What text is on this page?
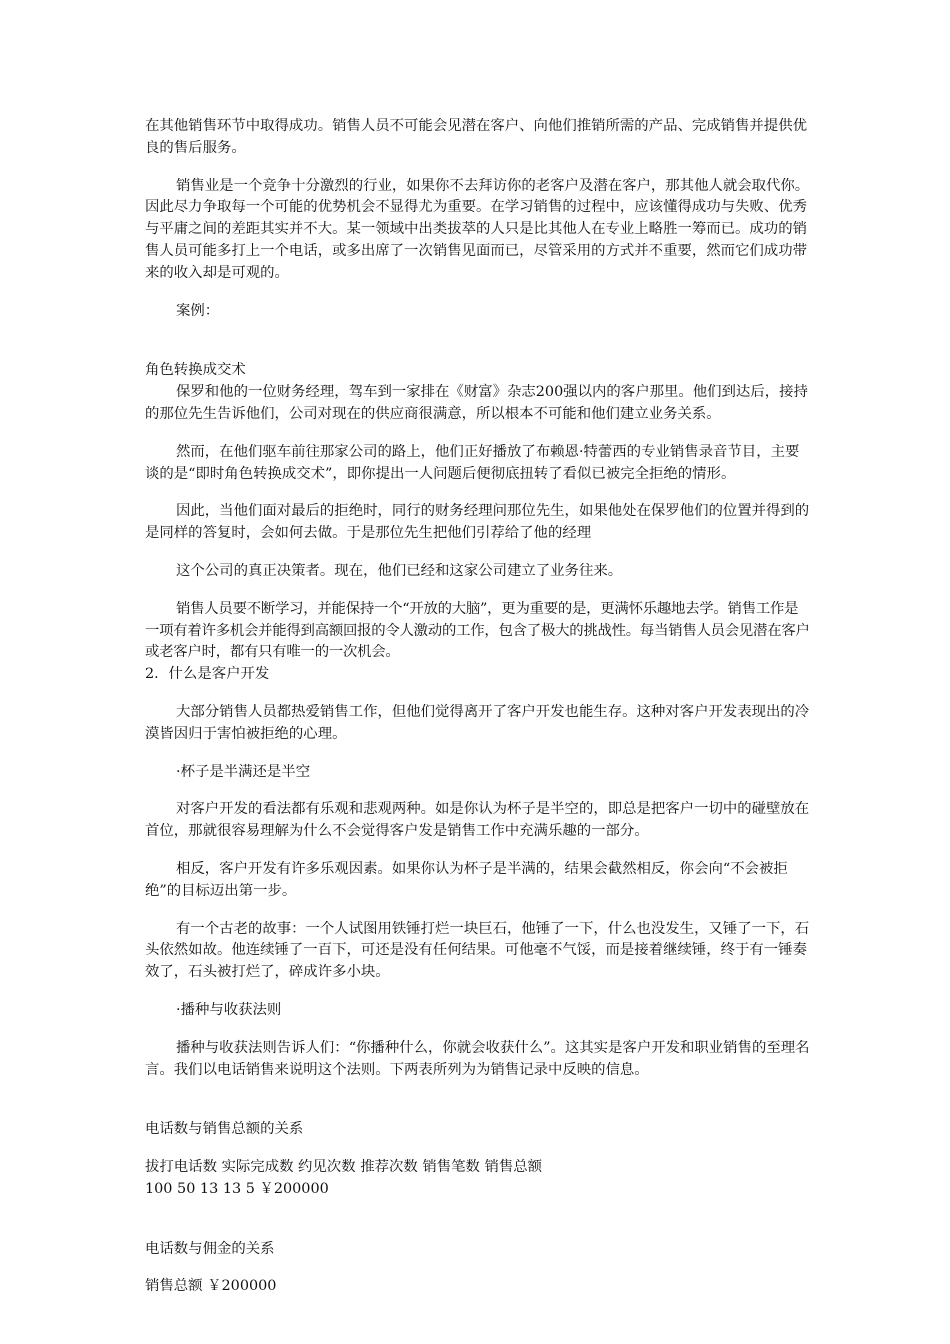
在其他销售环节中取得成功。销售人员不可能会见潜在客户、向他们推销所需的产品、完成销售并提供优良的售后服务。

销售业是一个竞争十分激烈的行业，如果你不去拜访你的老客户及潜在客户，那其他人就会取代你。因此尽力争取每一个可能的优势机会不显得尤为重要。在学习销售的过程中，应该懂得成功与失败、优秀与平庸之间的差距其实并不大。某一领域中出类拔萃的人只是比其他人在专业上略胜一筹而已。成功的销售人员可能多打上一个电话，或多出席了一次销售见面而已，尽管采用的方式并不重要，然而它们成功带来的收入却是可观的。

案例：

角色转换成交术

保罗和他的一位财务经理，驾车到一家排在《财富》杂志200强以内的客户那里。他们到达后，接持的那位先生告诉他们，公司对现在的供应商很满意，所以根本不可能和他们建立业务关系。

然而，在他们驱车前往那家公司的路上，他们正好播放了布赖恩·特蕾西的专业销售录音节目，主要谈的是“即时角色转换成交术”，即你提出一人问题后便彻底扭转了看似已被完全拒绝的情形。

因此，当他们面对最后的拒绝时，同行的财务经理问那位先生，如果他处在保罗他们的位置并得到的是同样的答复时，会如何去做。于是那位先生把他们引荐给了他的经理

这个公司的真正决策者。现在，他们已经和这家公司建立了业务往来。

销售人员要不断学习，并能保持一个“开放的大脑”，更为重要的是，更满怀乐趣地去学。销售工作是一项有着许多机会并能得到高额回报的令人激动的工作，包含了极大的挑战性。每当销售人员会见潜在客户或老客户时，都有只有唯一的一次机会。

2．什么是客户开发

大部分销售人员都热爱销售工作，但他们觉得离开了客户开发也能生存。这种对客户开发表现出的冷漠皆因归于害怕被拒绝的心理。

·杯子是半满还是半空

对客户开发的看法都有乐观和悲观两种。如是你认为杯子是半空的，即总是把客户一切中的碰壁放在首位，那就很容易理解为什么不会觉得客户发是销售工作中充满乐趣的一部分。

相反，客户开发有许多乐观因素。如果你认为杯子是半满的，结果会截然相反，你会向“不会被拒绝”的目标迈出第一步。

有一个古老的故事：一个人试图用铁锤打烂一块巨石，他锤了一下，什么也没发生，又锤了一下，石头依然如故。他连续锤了一百下，可还是没有任何结果。可他毫不气馁，而是接着继续锤，终于有一锤奏效了，石头被打烂了，碎成许多小块。

·播种与收获法则

播种与收获法则告诉人们：“你播种什么，你就会收获什么”。这其实是客户开发和职业销售的至理名言。我们以电话销售来说明这个法则。下两表所列为为销售记录中反映的信息。

电话数与销售总额的关系

拔打电话数 实际完成数 约见次数 推荐次数 销售笔数 销售总额

100 50 13 13 5 ￥200000

电话数与佣金的关系

销售总额 ￥200000
